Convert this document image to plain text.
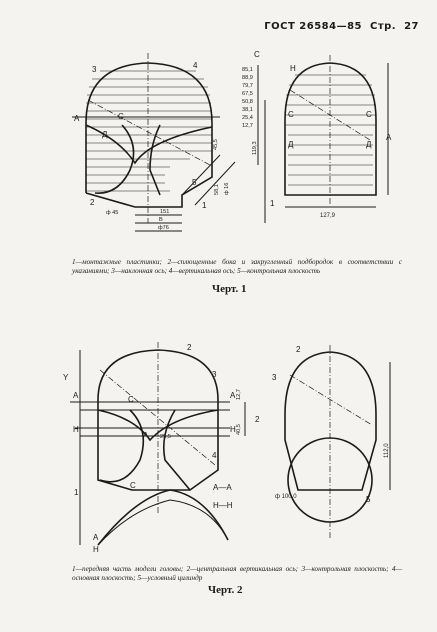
ГОСТ 26584—85 Стр. 27
85,1
88,9
79,7
67,5
50,8
38,1
25,4
12,7
119,3
45,5
58,1 ф 16
151
В
ф76
ф 45
3	4
A	С
Д
2	1
5
С
Н
С	С
Д	Д
1
A
127,9
1—монтажные пластинки; 2—сплющенные бока и закругленный подбородок в соответствии с указаниями; 3—наклонная ось; 4—вертикальная ось; 5—контрольная плоскость
Черт. 1
2
3
A
H
A
H
С
A
4
1
С	А—А
H—H
A
H
Y
2
12,7
40,5
25,5
2
3
5
112,0
ф 100,0
1—передняя часть модели головы; 2—центральная вертикальная ось; 3—контрольная плоскость; 4—основная плоскость; 5—условный цилиндр
Черт. 2
